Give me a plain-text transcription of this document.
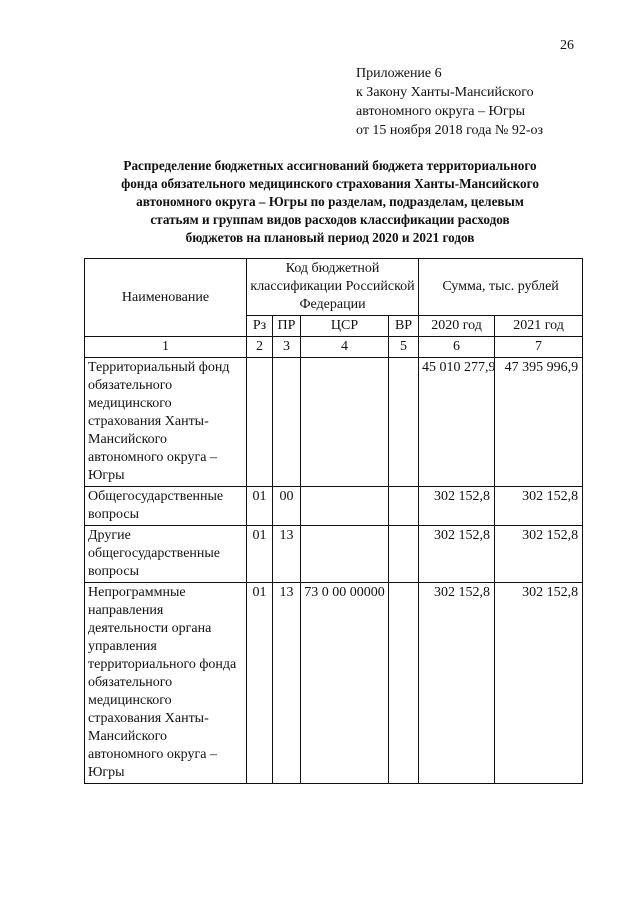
26
Приложение 6
к Закону Ханты-Мансийского
автономного округа – Югры
от 15 ноября 2018 года № 92-оз
Распределение бюджетных ассигнований бюджета территориального
фонда обязательного медицинского страхования Ханты-Мансийского
автономного округа – Югры по разделам, подразделам, целевым
статьям и группам видов расходов классификации расходов
бюджетов на плановый период 2020 и 2021 годов
Наименование	Код бюджетной классификации Российской Федерации				Сумма, тыс. рублей	
	Рз	ПР	ЦСР	ВР	2020 год	2021 год
1	2	3	4	5	6	7
Территориальный фонд обязательного медицинского страхования Ханты-Мансийского автономного округа – Югры					45 010 277,9	47 395 996,9
Общегосударственные вопросы	01	00			302 152,8	302 152,8
Другие общегосударственные вопросы	01	13			302 152,8	302 152,8
Непрограммные направления деятельности органа управления территориального фонда обязательного медицинского страхования Ханты-Мансийского автономного округа – Югры	01	13	73 0 00 00000		302 152,8	302 152,8
